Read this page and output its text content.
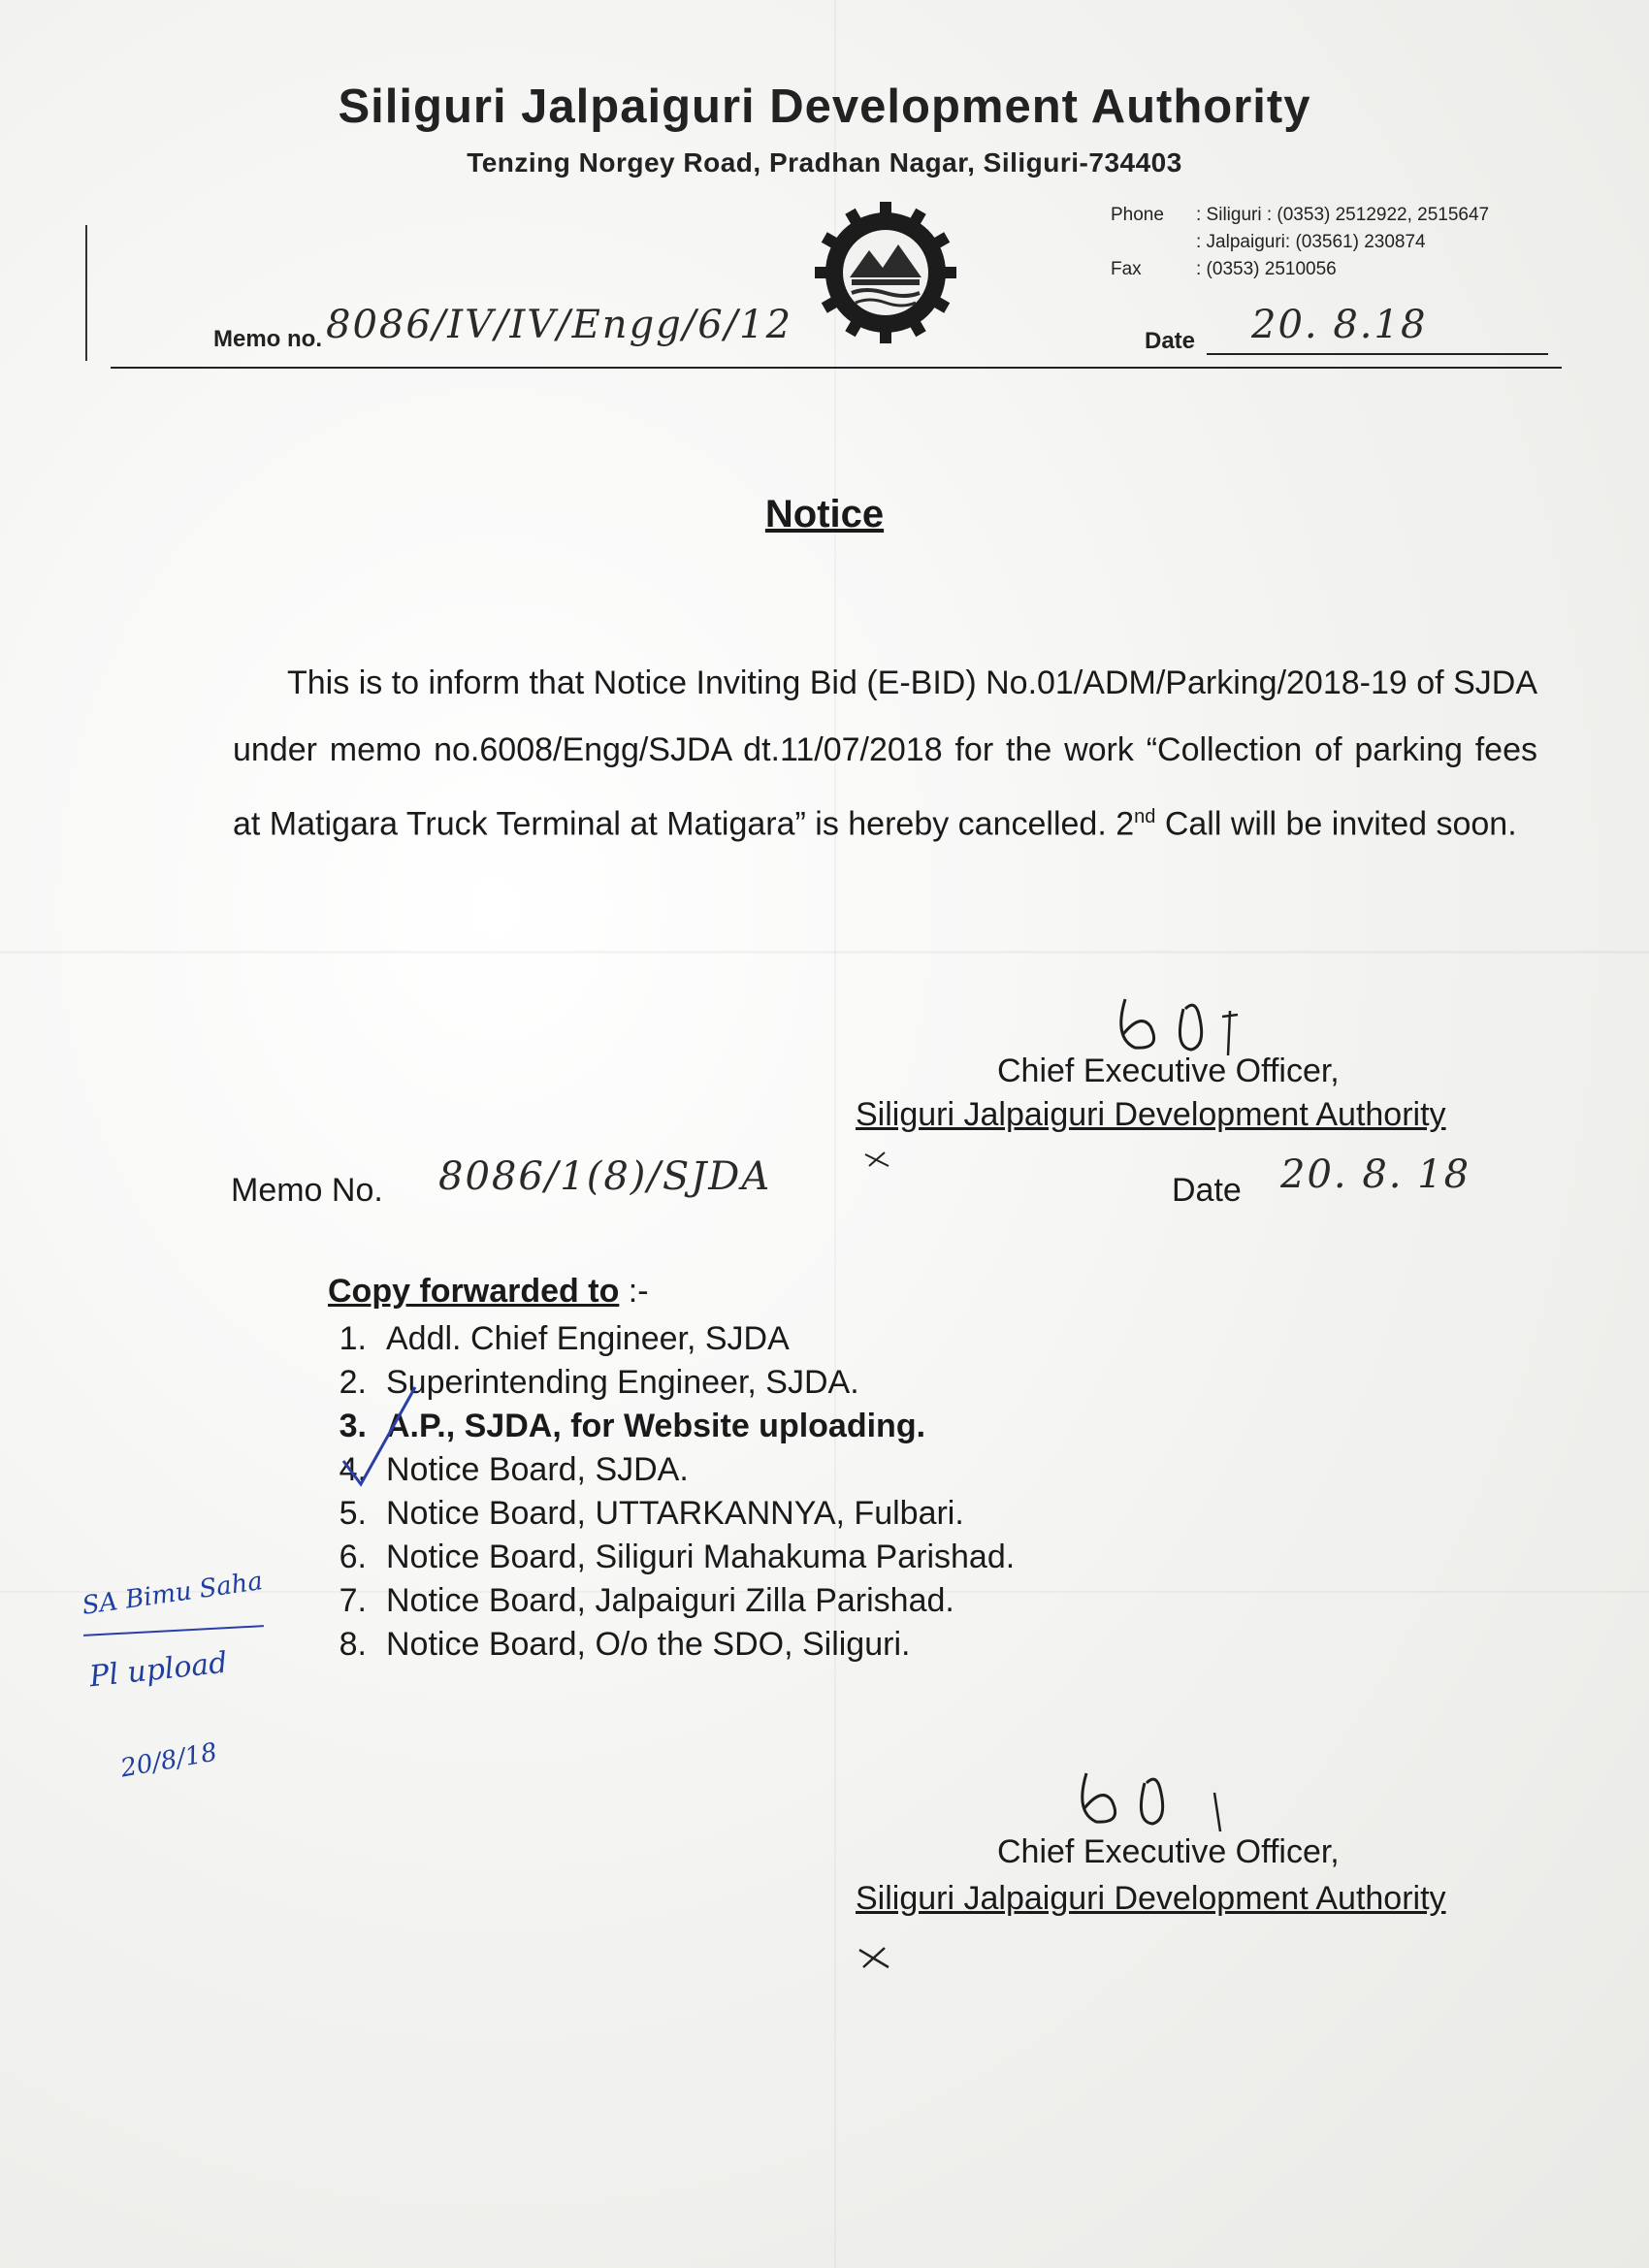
Siliguri Jalpaiguri Development Authority
Tenzing Norgey Road, Pradhan Nagar, Siliguri-734403
Phone	: Siliguri : (0353) 2512922, 2515647
: Jalpaiguri: (03561) 230874
Fax	: (0353) 2510056
Memo no. 8086/IV/IV/Engg/6/12	Date 20. 8.18
Notice
This is to inform that Notice Inviting Bid (E-BID) No.01/ADM/Parking/2018-19 of SJDA under memo no.6008/Engg/SJDA dt.11/07/2018 for the work “Collection of parking fees at Matigara Truck Terminal at Matigara” is hereby cancelled. 2nd Call will be invited soon.
Chief Executive Officer,
Siliguri Jalpaiguri Development Authority
Memo No. 8086/1(8)/SJDA	Date 20. 8. 18
Copy forwarded to :-
1. Addl. Chief Engineer, SJDA
2. Superintending Engineer, SJDA.
3. A.P., SJDA, for Website uploading.
4. Notice Board, SJDA.
5. Notice Board, UTTARKANNYA, Fulbari.
6. Notice Board, Siliguri Mahakuma Parishad.
7. Notice Board, Jalpaiguri Zilla Parishad.
8. Notice Board, O/o the SDO, Siliguri.
SA Bimu Saha
Pl upload
20/8/18
Chief Executive Officer,
Siliguri Jalpaiguri Development Authority
